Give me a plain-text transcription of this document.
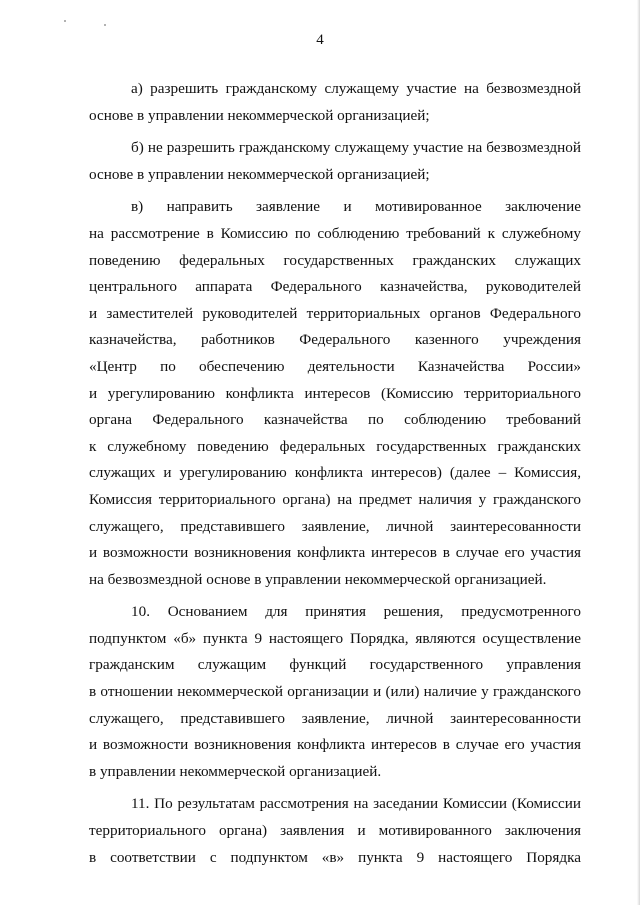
4

а) разрешить гражданскому служащему участие на безвозмездной
основе в управлении некоммерческой организацией;

б) не разрешить гражданскому служащему участие на безвозмездной
основе в управлении некоммерческой организацией;

в) направить заявление и мотивированное заключение
на рассмотрение в Комиссию по соблюдению требований к служебному
поведению федеральных государственных гражданских служащих
центрального аппарата Федерального казначейства, руководителей
и заместителей руководителей территориальных органов Федерального
казначейства, работников Федерального казенного учреждения
«Центр по обеспечению деятельности Казначейства России»
и урегулированию конфликта интересов (Комиссию территориального
органа Федерального казначейства по соблюдению требований
к служебному поведению федеральных государственных гражданских
служащих и урегулированию конфликта интересов) (далее – Комиссия,
Комиссия территориального органа) на предмет наличия у гражданского
служащего, представившего заявление, личной заинтересованности
и возможности возникновения конфликта интересов в случае его участия
на безвозмездной основе в управлении некоммерческой организацией.

10. Основанием для принятия решения, предусмотренного
подпунктом «б» пункта 9 настоящего Порядка, являются осуществление
гражданским служащим функций государственного управления
в отношении некоммерческой организации и (или) наличие у гражданского
служащего, представившего заявление, личной заинтересованности
и возможности возникновения конфликта интересов в случае его участия
в управлении некоммерческой организацией.

11. По результатам рассмотрения на заседании Комиссии (Комиссии
территориального органа) заявления и мотивированного заключения
в соответствии с подпунктом «в» пункта 9 настоящего Порядка
